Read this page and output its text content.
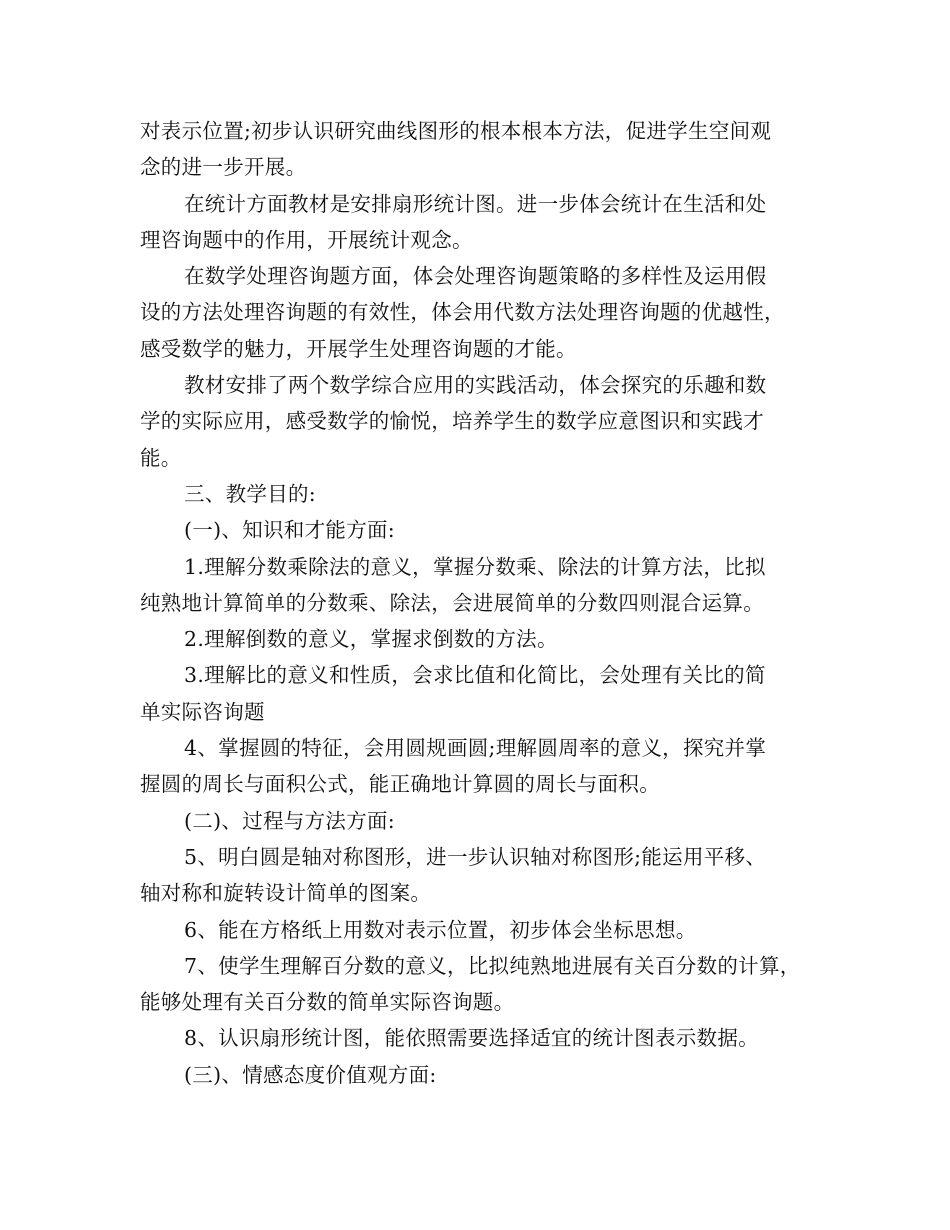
对表示位置;初步认识研究曲线图形的根本根本方法，促进学生空间观
念的进一步开展。

在统计方面教材是安排扇形统计图。进一步体会统计在生活和处

理咨询题中的作用，开展统计观念。

在数学处理咨询题方面，体会处理咨询题策略的多样性及运用假

设的方法处理咨询题的有效性，体会用代数方法处理咨询题的优越性，
感受数学的魅力，开展学生处理咨询题的才能。

教材安排了两个数学综合应用的实践活动，体会探究的乐趣和数

学的实际应用，感受数学的愉悦，培养学生的数学应意图识和实践才
能。

三、教学目的:

(一)、知识和才能方面:

1.理解分数乘除法的意义，掌握分数乘、除法的计算方法，比拟

纯熟地计算简单的分数乘、除法，会进展简单的分数四则混合运算。

2.理解倒数的意义，掌握求倒数的方法。

3.理解比的意义和性质，会求比值和化简比，会处理有关比的简

单实际咨询题

4、掌握圆的特征，会用圆规画圆;理解圆周率的意义，探究并掌

握圆的周长与面积公式，能正确地计算圆的周长与面积。

(二)、过程与方法方面:

5、明白圆是轴对称图形，进一步认识轴对称图形;能运用平移、

轴对称和旋转设计简单的图案。

6、能在方格纸上用数对表示位置，初步体会坐标思想。

7、使学生理解百分数的意义，比拟纯熟地进展有关百分数的计算，

能够处理有关百分数的简单实际咨询题。

8、认识扇形统计图，能依照需要选择适宜的统计图表示数据。

(三)、情感态度价值观方面:
